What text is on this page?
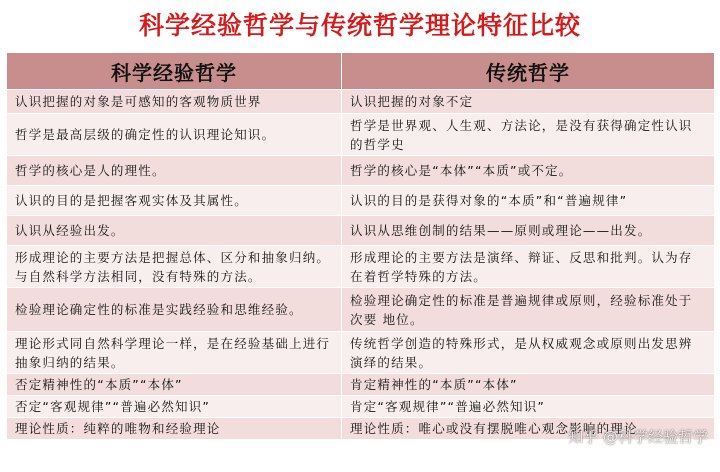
科学经验哲学与传统哲学理论特征比较
科学经验哲学	传统哲学
认识把握的对象是可感知的客观物质世界	认识把握的对象不定
哲学是最高层级的确定性的认识理论知识。	哲学是世界观、人生观、方法论，是没有获得确定性认识的哲学史
哲学的核心是人的理性。	哲学的核心是“本体”“本质”或不定。
认识的目的是把握客观实体及其属性。	认识的目的是获得对象的“本质”和“普遍规律”
认识从经验出发。	认识从思维创制的结果——原则或理论——出发。
形成理论的主要方法是把握总体、区分和抽象归纳。与自然科学方法相同，没有特殊的方法。	形成理论的主要方法是演绎、辩证、反思和批判。认为存在着哲学特殊的方法。
检验理论确定性的标准是实践经验和思维经验。	检验理论确定性的标准是普遍规律或原则，经验标准处于次要 地位。
理论形式同自然科学理论一样，是在经验基础上进行抽象归纳的结果。	传统哲学创造的特殊形式，是从权威观念或原则出发思辨演绎的结果。
否定精神性的“本质”“本体”	肯定精神性的“本质”“本体”
否定“客观规律”“普遍必然知识”	肯定“客观规律”“普遍必然知识”
理论性质：纯粹的唯物和经验理论	理论性质：唯心或没有摆脱唯心观念影响的理论
知乎 @科学经验哲学
